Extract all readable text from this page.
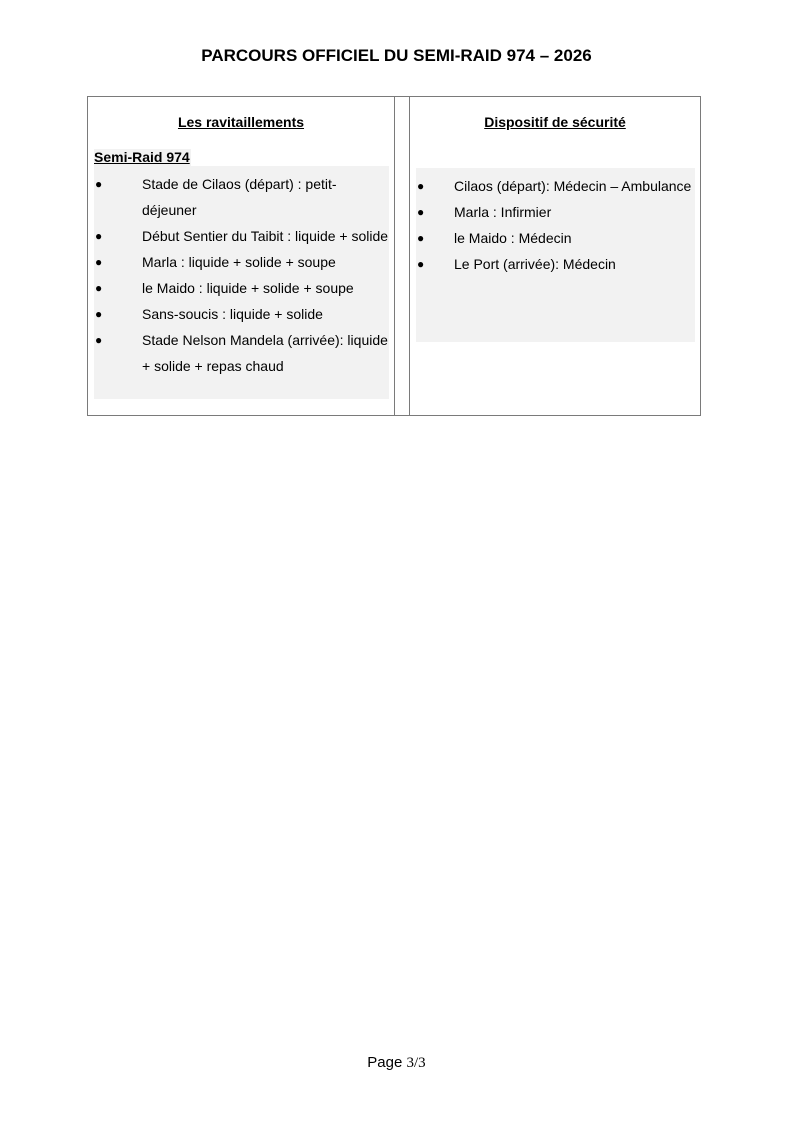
PARCOURS OFFICIEL DU SEMI-RAID 974 – 2026
Les ravitaillements
Semi-Raid 974
●	Stade de Cilaos (départ) : petit-déjeuner
●	Début Sentier du Taibit : liquide + solide
●	Marla : liquide + solide + soupe
●	le Maido : liquide + solide + soupe
●	Sans-soucis : liquide + solide
●	Stade Nelson Mandela (arrivée): liquide + solide + repas chaud
Dispositif de sécurité
● Cilaos (départ): Médecin – Ambulance
● Marla : Infirmier
● le Maido : Médecin
● Le Port (arrivée): Médecin
Page 3/3
